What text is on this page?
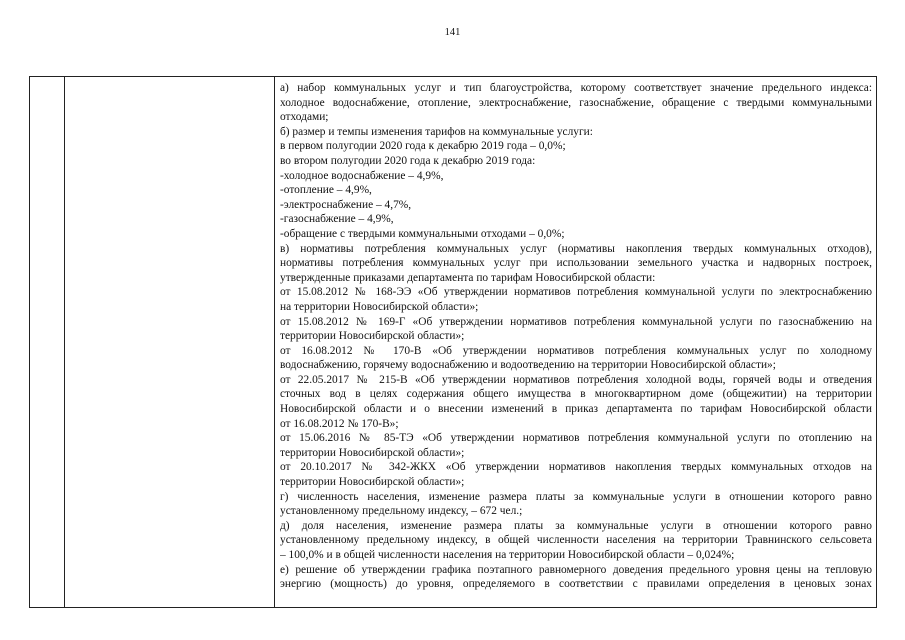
141
а) набор коммунальных услуг и тип благоустройства, которому соответствует значение предельного индекса:
холодное водоснабжение, отопление, электроснабжение, газоснабжение, обращение с твердыми коммунальными
отходами;
б) размер и темпы изменения тарифов на коммунальные услуги:
в первом полугодии 2020 года к декабрю 2019 года – 0,0%;
во втором полугодии 2020 года к декабрю 2019 года:
-холодное водоснабжение – 4,9%,
-отопление – 4,9%,
-электроснабжение – 4,7%,
-газоснабжение – 4,9%,
-обращение с твердыми коммунальными отходами – 0,0%;
в) нормативы потребления коммунальных услуг (нормативы накопления твердых коммунальных отходов),
нормативы потребления коммунальных услуг при использовании земельного участка и надворных построек,
утвержденные приказами департамента по тарифам Новосибирской области:
от 15.08.2012 № 168-ЭЭ «Об утверждении нормативов потребления коммунальной услуги по электроснабжению
на территории Новосибирской области»;
от 15.08.2012 № 169-Г «Об утверждении нормативов потребления коммунальной услуги по газоснабжению на
территории Новосибирской области»;
от 16.08.2012 № 170-В «Об утверждении нормативов потребления коммунальных услуг по холодному
водоснабжению, горячему водоснабжению и водоотведению на территории Новосибирской области»;
от 22.05.2017 № 215-В «Об утверждении нормативов потребления холодной воды, горячей воды и отведения
сточных вод в целях содержания общего имущества в многоквартирном доме (общежитии) на территории
Новосибирской области и о внесении изменений в приказ департамента по тарифам Новосибирской области
от 16.08.2012 № 170-В»;
от 15.06.2016 № 85-ТЭ «Об утверждении нормативов потребления коммунальной услуги по отоплению на
территории Новосибирской области»;
от 20.10.2017 № 342-ЖКХ «Об утверждении нормативов накопления твердых коммунальных отходов на
территории Новосибирской области»;
г) численность населения, изменение размера платы за коммунальные услуги в отношении которого равно
установленному предельному индексу, – 672 чел.;
д) доля населения, изменение размера платы за коммунальные услуги в отношении которого равно
установленному предельному индексу, в общей численности населения на территории Травнинского сельсовета
– 100,0% и в общей численности населения на территории Новосибирской области – 0,024%;
е) решение об утверждении графика поэтапного равномерного доведения предельного уровня цены на тепловую
энергию (мощность) до уровня, определяемого в соответствии с правилами определения в ценовых зонах
